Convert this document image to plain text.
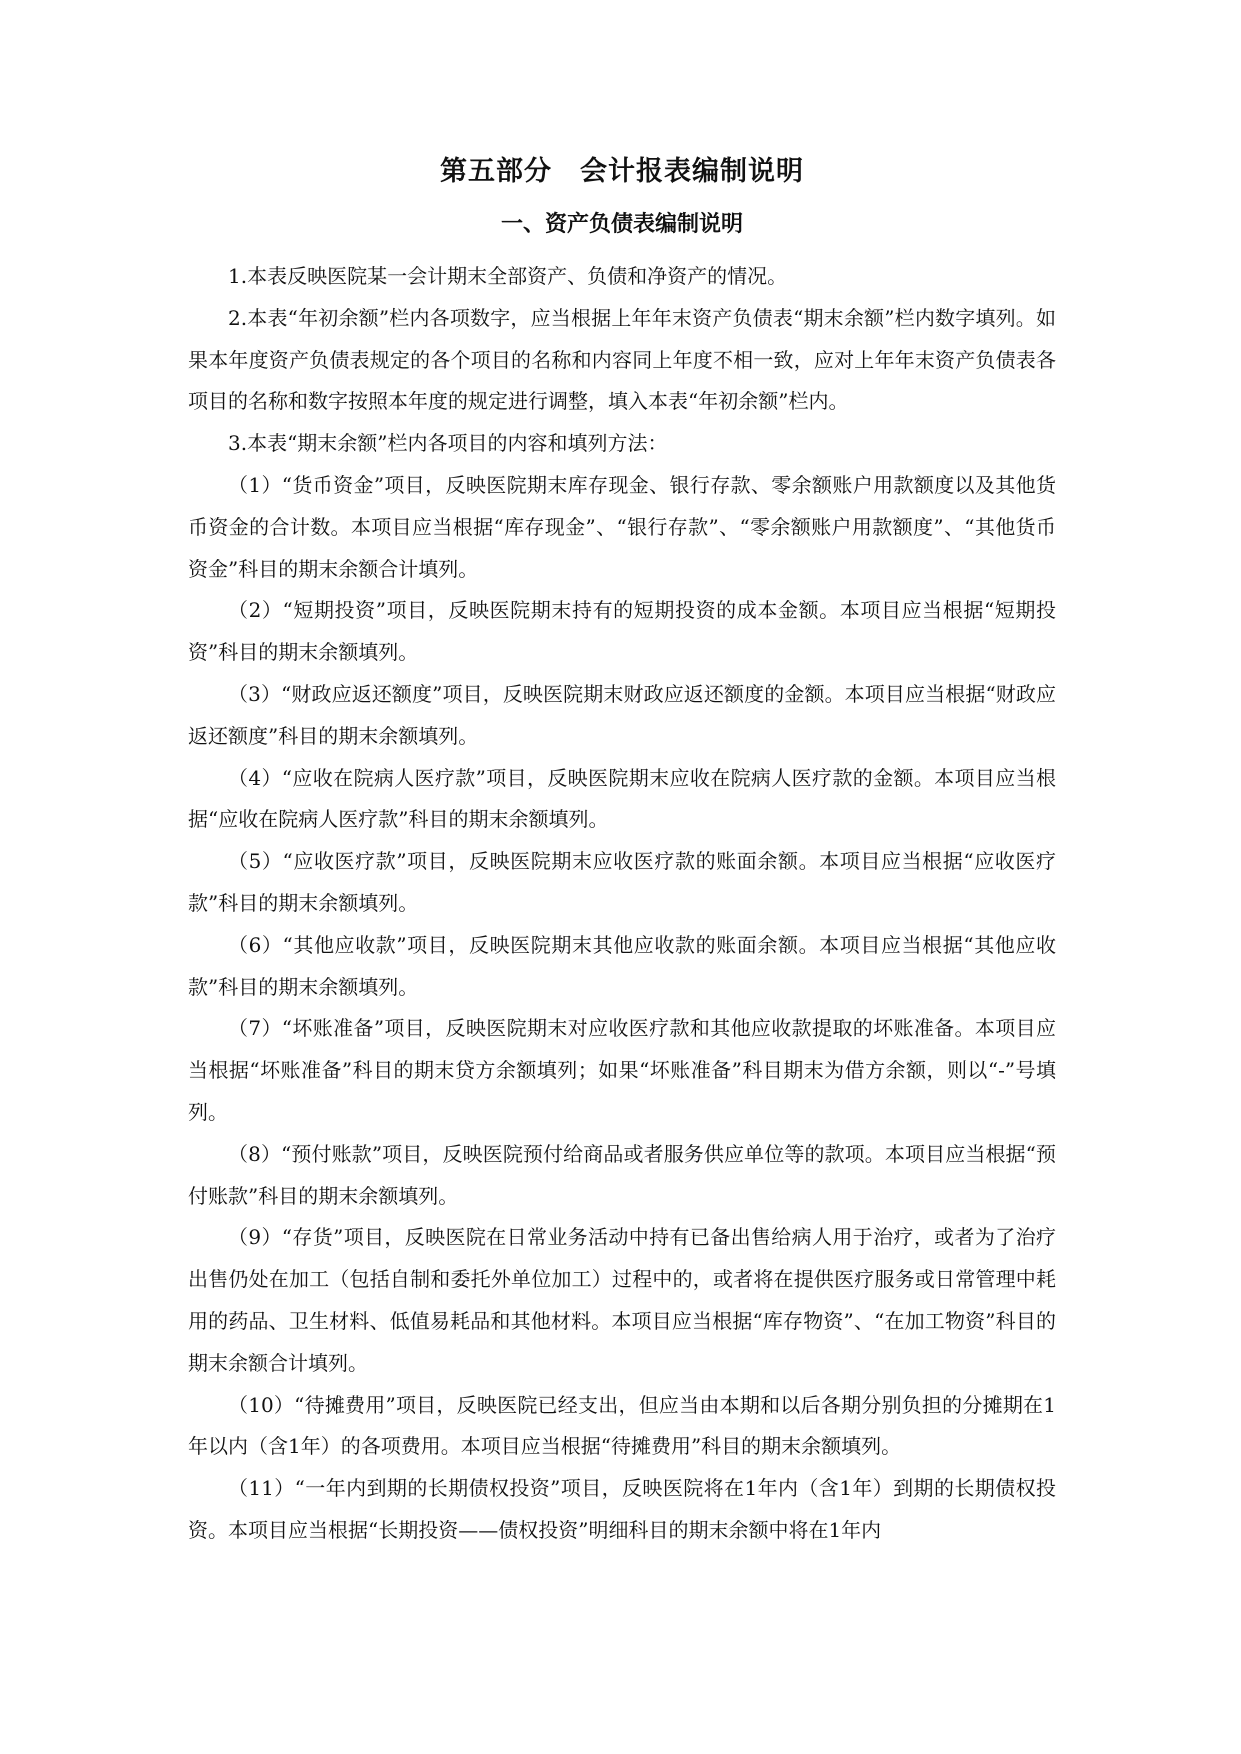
第五部分　会计报表编制说明
一、资产负债表编制说明

1.本表反映医院某一会计期末全部资产、负债和净资产的情况。

2.本表“年初余额”栏内各项数字，应当根据上年年末资产负债表“期末余额”栏内数字填列。如果本年度资产负债表规定的各个项目的名称和内容同上年度不相一致，应对上年年末资产负债表各项目的名称和数字按照本年度的规定进行调整，填入本表“年初余额”栏内。

3.本表“期末余额”栏内各项目的内容和填列方法：

（1）“货币资金”项目，反映医院期末库存现金、银行存款、零余额账户用款额度以及其他货币资金的合计数。本项目应当根据“库存现金”、“银行存款”、“零余额账户用款额度”、“其他货币资金”科目的期末余额合计填列。

（2）“短期投资”项目，反映医院期末持有的短期投资的成本金额。本项目应当根据“短期投资”科目的期末余额填列。

（3）“财政应返还额度”项目，反映医院期末财政应返还额度的金额。本项目应当根据“财政应返还额度”科目的期末余额填列。

（4）“应收在院病人医疗款”项目，反映医院期末应收在院病人医疗款的金额。本项目应当根据“应收在院病人医疗款”科目的期末余额填列。

（5）“应收医疗款”项目，反映医院期末应收医疗款的账面余额。本项目应当根据“应收医疗款”科目的期末余额填列。

（6）“其他应收款”项目，反映医院期末其他应收款的账面余额。本项目应当根据“其他应收款”科目的期末余额填列。

（7）“坏账准备”项目，反映医院期末对应收医疗款和其他应收款提取的坏账准备。本项目应当根据“坏账准备”科目的期末贷方余额填列；如果“坏账准备”科目期末为借方余额，则以“-”号填列。

（8）“预付账款”项目，反映医院预付给商品或者服务供应单位等的款项。本项目应当根据“预付账款”科目的期末余额填列。

（9）“存货”项目，反映医院在日常业务活动中持有已备出售给病人用于治疗，或者为了治疗出售仍处在加工（包括自制和委托外单位加工）过程中的，或者将在提供医疗服务或日常管理中耗用的药品、卫生材料、低值易耗品和其他材料。本项目应当根据“库存物资”、“在加工物资”科目的期末余额合计填列。

（10）“待摊费用”项目，反映医院已经支出，但应当由本期和以后各期分别负担的分摊期在1年以内（含1年）的各项费用。本项目应当根据“待摊费用”科目的期末余额填列。

（11）“一年内到期的长期债权投资”项目，反映医院将在1年内（含1年）到期的长期债权投资。本项目应当根据“长期投资——债权投资”明细科目的期末余额中将在1年内
